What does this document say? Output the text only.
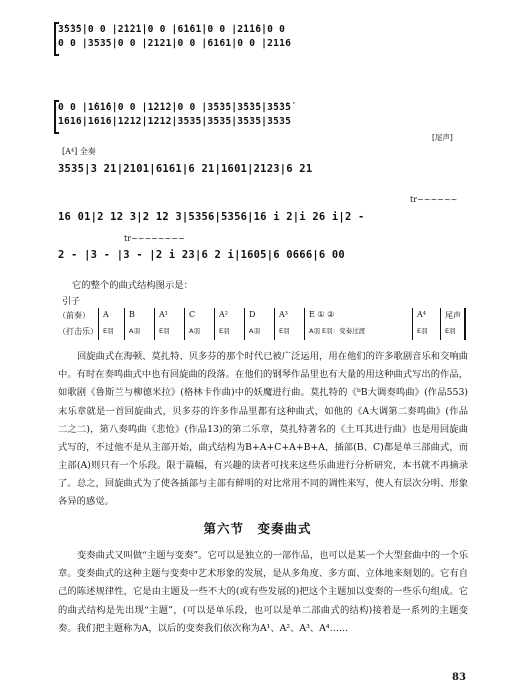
3̇5̇3̇5̇|0 0 |2̇1̇2̇1̇|0 0 |6̇1̇6̇1̇|0 0 |2̇1̇1̇6̇|0 0
0 0 |3535|0 0 |2121|0 0 |6161|0 0 |2116
0 0 |1̇6̇1̇6̇|0 0 |1̇2̇1̇2̇|0 0 |3̇5̇3̇5̇|3̇5̇3̇5̇|3̇5̇3̇5̇
1616|1616|1212|1212|3535|3535|3535|3535
[尾声]
[A⁴] 全奏
3535|3 21|2101|6161|6 21|1601|2123|6 21
tr~~~~~~
16 01|2 12 3|2 12 3|5356|5356|16 i 2|i 26 i|2 -
tr~~~~~~~~
2 - |3 - |3 - |2 i 23|6 2 i|1605|6 0666|6 00
它的整个的曲式结构图示是：
引子
（前奏）
（打击乐）
A
E羽
B
A羽
A¹
E羽
C
A羽
A²
E羽
D
A羽
A³
E羽
E ① ②
A羽 E羽：变奏过渡
A⁴
E羽
尾声
E羽
回旋曲式在海顿、莫扎特、贝多芬的那个时代已被广泛运用，用在他们的许多歌剧音乐和交响曲中。有时在奏鸣曲式中也有回旋曲的段落。在他们的钢琴作品里也有大量的用这种曲式写出的作品，如歌剧《鲁斯兰与柳德米拉》(格林卡作曲)中的妖魔进行曲。莫扎特的《ᵇB大调奏鸣曲》(作品553)末乐章就是一首回旋曲式，贝多芬的许多作品里都有这种曲式，如他的《A大调第二奏鸣曲》(作品二之二)，第八奏鸣曲《悲怆》(作品13)的第二乐章，莫扎特著名的《土耳其进行曲》也是用回旋曲式写的，不过他不是从主部开始，曲式结构为B+A+C+A+B+A，插部(B、C)都是单三部曲式，而主部(A)则只有一个乐段。限于篇幅，有兴趣的读者可找来这些乐曲进行分析研究，本书就不再摘录了。 总之，回旋曲式为了使各插部与主部有鲜明的对比常用不同的调性来写，使人有层次分明、形象各异的感觉。
第六节　变奏曲式
变奏曲式又叫做“主题与变奏”。它可以是独立的一部作品，也可以是某一个大型套曲中的一个乐章。变奏曲式的这种主题与变奏中艺术形象的发展，是从多角度、多方面、立体地来刻划的。它有自己的陈述规律性，它是由主题及一些不大的(或有些发展的)把这个主题加以变奏的一些乐句组成。它的曲式结构是先出现“主题”，(可以是单乐段，也可以是单二部曲式的结构)接着是一系列的主题变奏。我们把主题称为A，以后的变奏我们依次称为A¹、A²、A³、A⁴……
83
